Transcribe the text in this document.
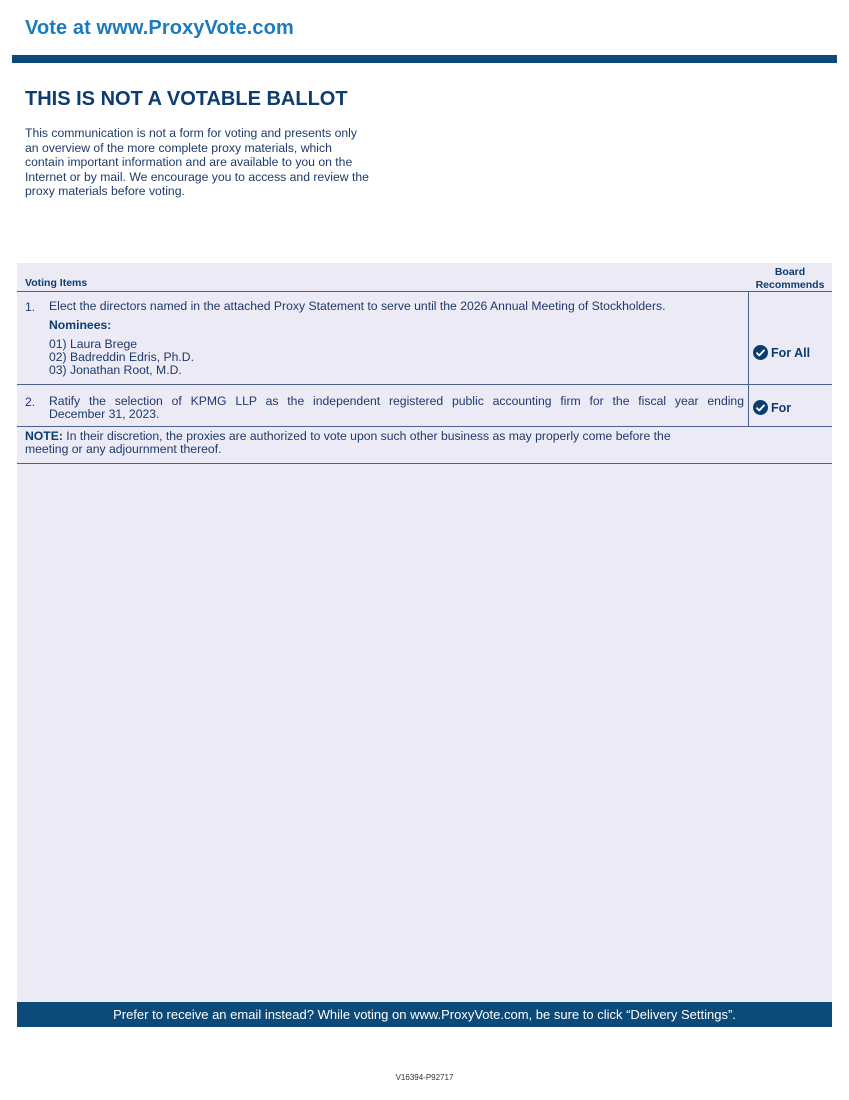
Vote at www.ProxyVote.com
THIS IS NOT A VOTABLE BALLOT
This communication is not a form for voting and presents only
an overview of the more complete proxy materials, which
contain important information and are available to you on the
Internet or by mail. We encourage you to access and review the
proxy materials before voting.
Voting Items
Board
Recommends
1. Elect the directors named in the attached Proxy Statement to serve until the 2026 Annual Meeting of Stockholders.
Nominees:
01) Laura Brege
02) Badreddin Edris, Ph.D.
03) Jonathan Root, M.D.
For All
2. Ratify the selection of KPMG LLP as the independent registered public accounting firm for the fiscal year ending
December 31, 2023.	For
NOTE: In their discretion, the proxies are authorized to vote upon such other business as may properly come before the
meeting or any adjournment thereof.
Prefer to receive an email instead? While voting on www.ProxyVote.com, be sure to click “Delivery Settings”.
V16394-P92717
